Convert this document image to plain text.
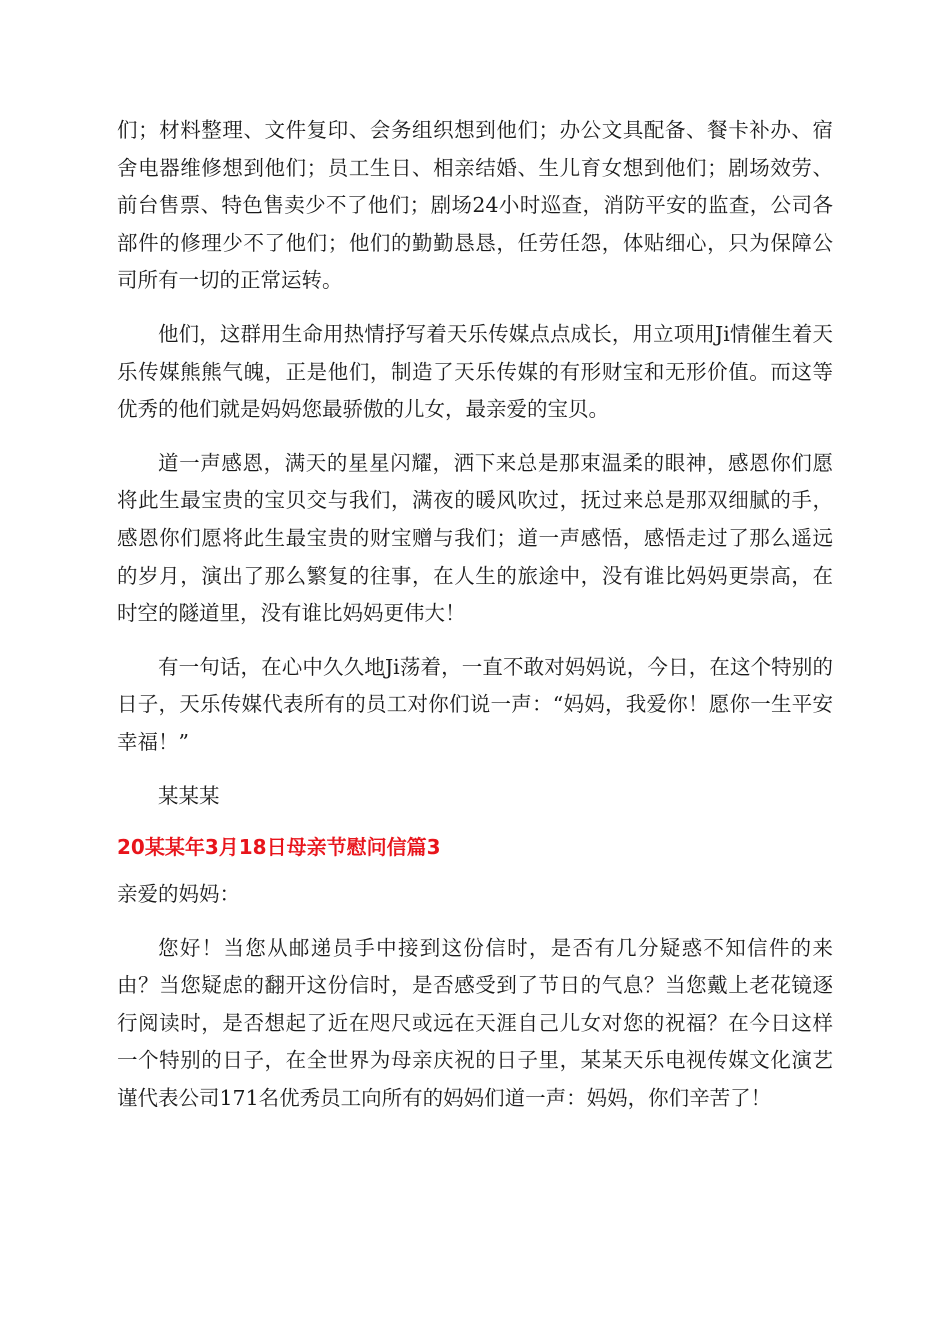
们；材料整理、文件复印、会务组织想到他们；办公文具配备、餐卡补办、宿舍电器维修想到他们；员工生日、相亲结婚、生儿育女想到他们；剧场效劳、前台售票、特色售卖少不了他们；剧场24小时巡查，消防平安的监查，公司各部件的修理少不了他们；他们的勤勤恳恳，任劳任怨，体贴细心，只为保障公司所有一切的正常运转。

他们，这群用生命用热情抒写着天乐传媒点点成长，用立项用Ji情催生着天乐传媒熊熊气魄，正是他们，制造了天乐传媒的有形财宝和无形价值。而这等优秀的他们就是妈妈您最骄傲的儿女，最亲爱的宝贝。

道一声感恩，满天的星星闪耀，洒下来总是那束温柔的眼神，感恩你们愿将此生最宝贵的宝贝交与我们，满夜的暖风吹过，抚过来总是那双细腻的手，感恩你们愿将此生最宝贵的财宝赠与我们；道一声感悟，感悟走过了那么遥远的岁月，演出了那么繁复的往事，在人生的旅途中，没有谁比妈妈更崇高，在时空的隧道里，没有谁比妈妈更伟大！

有一句话，在心中久久地Ji荡着，一直不敢对妈妈说，今日，在这个特别的日子，天乐传媒代表所有的员工对你们说一声：“妈妈，我爱你！愿你一生平安幸福！”

某某某

20某某年3月18日母亲节慰问信篇3

亲爱的妈妈：

您好！当您从邮递员手中接到这份信时，是否有几分疑惑不知信件的来由？当您疑虑的翻开这份信时，是否感受到了节日的气息？当您戴上老花镜逐行阅读时，是否想起了近在咫尺或远在天涯自己儿女对您的祝福？在今日这样一个特别的日子，在全世界为母亲庆祝的日子里，某某天乐电视传媒文化演艺谨代表公司171名优秀员工向所有的妈妈们道一声：妈妈，你们辛苦了！
